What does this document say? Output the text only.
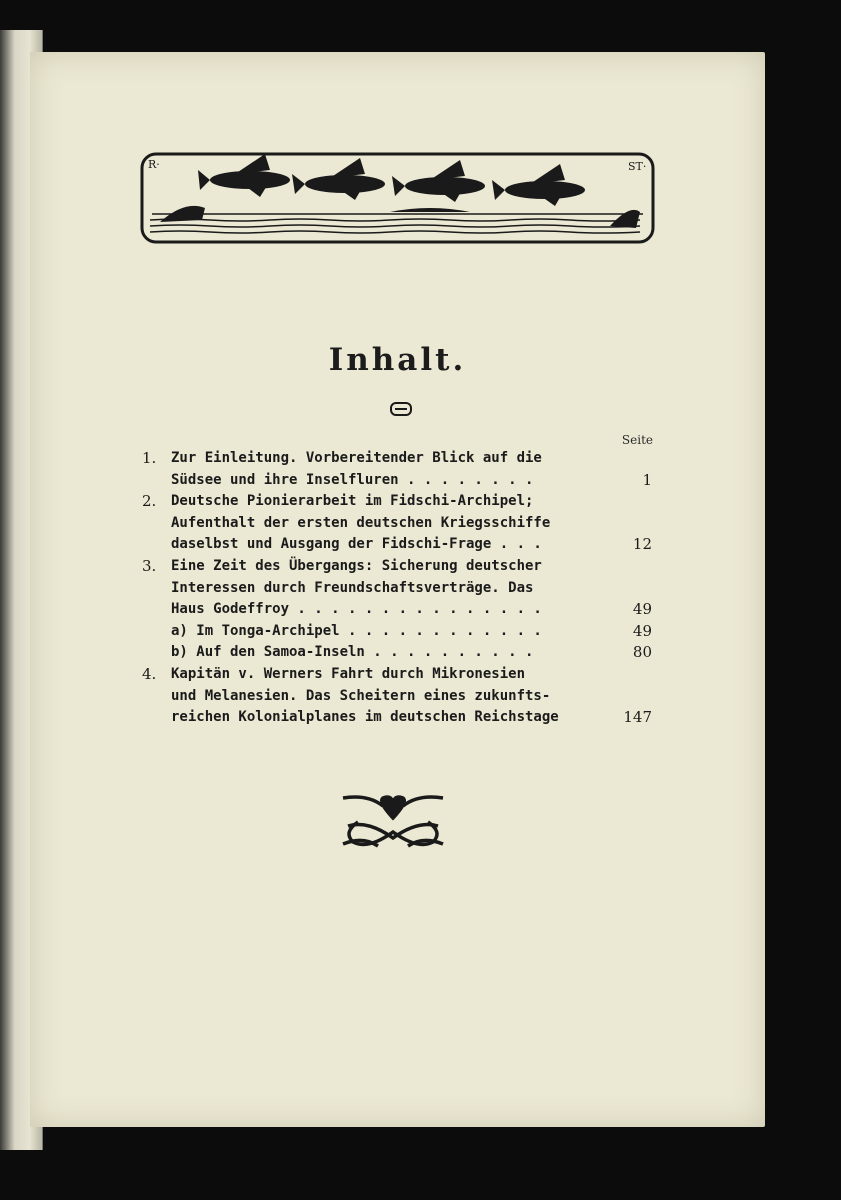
R·	ST·
Inhalt.
Seite
1. Zur Einleitung. Vorbereitender Blick auf die
Südsee und ihre Inselfluren . . . . . . . .	1
2. Deutsche Pionierarbeit im Fidschi-Archipel;
Aufenthalt der ersten deutschen Kriegsschiffe
daselbst und Ausgang der Fidschi-Frage . . .	12
3. Eine Zeit des Übergangs: Sicherung deutscher
Interessen durch Freundschaftsverträge. Das
Haus Godeffroy . . . . . . . . . . . . . . .	49
a) Im Tonga-Archipel . . . . . . . . . . . .	49
b) Auf den Samoa-Inseln . . . . . . . . . .	80
4. Kapitän v. Werners Fahrt durch Mikronesien
und Melanesien. Das Scheitern eines zukunfts-
reichen Kolonialplanes im deutschen Reichstage	147
